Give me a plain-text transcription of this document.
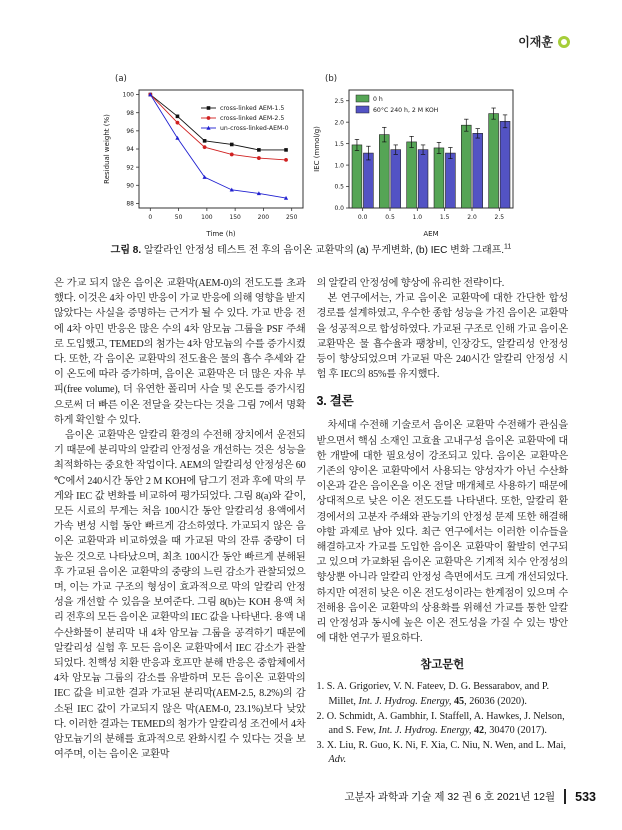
이재훈
(a)
88
90
92
94
96
98
100
0	50	100	150	200	250
Time (h)
Residual weight (%)
cross-linked AEM-1.5
cross-linked AEM-2.5
un-cross-linked-AEM-0
(b)
0.0
0.5
1.0
1.5
2.0
2.5
0.0	0.5	1.0	1.5	2.0	2.5
AEM
IEC (mmol/g)
0 h
60°C 240 h, 2 M KOH
그림 8. 알칼라인 안정성 테스트 전 후의 음이온 교환막의 (a) 무게변화, (b) IEC 변화 그래프.$^{11}$

은 가교 되지 않은 음이온 교환막(AEM-0)의 전도도를 초과했다. 이것은 4차 아민 반응이 가교 반응에 의해 영향을 받지 않았다는 사실을 증명하는 근거가 될 수 있다. 가교 반응 전에 4차 아민 반응은 많은 수의 4차 암모늄 그룹을 PSF 주쇄로 도입했고, TEMED의 첨가는 4차 암모늄의 수를 증가시켰다. 또한, 각 음이온 교환막의 전도율은 물의 흡수 추세와 같이 온도에 따라 증가하며, 음이온 교환막은 더 많은 자유 부피(free volume), 더 유연한 폴리머 사슬 및 온도를 증가시킴으로써 더 빠른 이온 전달을 갖는다는 것을 그림 7에서 명확하게 확인할 수 있다.

음이온 교환막은 알칼리 환경의 수전해 장치에서 운전되기 때문에 분리막의 알칼리 안정성을 개선하는 것은 성능을 최적화하는 중요한 작업이다. AEM의 알칼리성 안정성은 60 ℃에서 240시간 동안 2 M KOH에 담그기 전과 후에 막의 무게와 IEC 값 변화를 비교하여 평가되었다. 그림 8(a)와 같이, 모든 시료의 무게는 처음 100시간 동안 알칼리성 용액에서 가속 변성 시험 동안 빠르게 감소하였다. 가교되지 않은 음이온 교환막과 비교하였을 때 가교된 막의 잔류 중량이 더 높은 것으로 나타났으며, 최초 100시간 동안 빠르게 분해된 후 가교된 음이온 교환막의 중량의 느린 감소가 관찰되었으며, 이는 가교 구조의 형성이 효과적으로 막의 알칼리 안정성을 개선할 수 있음을 보여준다. 그림 8(b)는 KOH 용액 처리 전후의 모든 음이온 교환막의 IEC 값을 나타낸다. 용액 내 수산화물이 분리막 내 4차 암모늄 그룹을 공격하기 때문에 알칼리성 실험 후 모든 음이온 교환막에서 IEC 감소가 관찰되었다. 친핵성 치환 반응과 호프만 분해 반응은 중합체에서 4차 암모늄 그룹의 감소를 유발하며 모든 음이온 교환막의 IEC 값을 비교한 결과 가교된 분리막(AEM-2.5, 8.2%)의 감소된 IEC 값이 가교되지 않은 막(AEM-0, 23.1%)보다 낮았다. 이러한 결과는 TEMED의 첨가가 알칼리성 조건에서 4차 암모늄기의 분해를 효과적으로 완화시킬 수 있다는 것을 보여주며, 이는 음이온 교환막

의 알칼리 안정성에 향상에 유리한 전략이다.

본 연구에서는, 가교 음이온 교환막에 대한 간단한 합성 경로를 설계하였고, 우수한 종합 성능을 가진 음이온 교환막을 성공적으로 합성하였다. 가교된 구조로 인해 가교 음이온 교환막은 물 흡수율과 팽창비, 인장강도, 알칼리성 안정성 등이 향상되었으며 가교된 막은 240시간 알칼리 안정성 시험 후 IEC의 85%를 유지했다.

3. 결론

차세대 수전해 기술로서 음이온 교환막 수전해가 관심을 받으면서 핵심 소재인 고효율 고내구성 음이온 교환막에 대한 개발에 대한 필요성이 강조되고 있다. 음이온 교환막은 기존의 양이온 교환막에서 사용되는 양성자가 아닌 수산화 이온과 같은 음이온을 이온 전달 매개체로 사용하기 때문에 상대적으로 낮은 이온 전도도를 나타낸다. 또한, 알칼리 환경에서의 고분자 주쇄와 관능기의 안정성 문제 또한 해결해야할 과제로 남아 있다. 최근 연구에서는 이러한 이슈들을 해결하고자 가교를 도입한 음이온 교환막이 활발히 연구되고 있으며 가교화된 음이온 교환막은 기계적 치수 안정성의 향상뿐 아니라 알칼리 안정성 측면에서도 크게 개선되었다. 하지만 여전히 낮은 이온 전도성이라는 한계점이 있으며 수전해용 음이온 교환막의 상용화를 위해선 가교를 통한 알칼리 안정성과 동시에 높은 이온 전도성을 가질 수 있는 방안에 대한 연구가 필요하다.

참고문헌
1. S. A. Grigoriev, V. N. Fateev, D. G. Bessarabov, and P. Millet, Int. J. Hydrog. Energy, 45, 26036 (2020).
2. O. Schmidt, A. Gambhir, I. Staffell, A. Hawkes, J. Nelson, and S. Few, Int. J. Hydrog. Energy, 42, 30470 (2017).
3. X. Liu, R. Guo, K. Ni, F. Xia, C. Niu, N. Wen, and L. Mai, Adv.
고분자 과학과 기술 제 32 권 6 호 2021년 12월 533
